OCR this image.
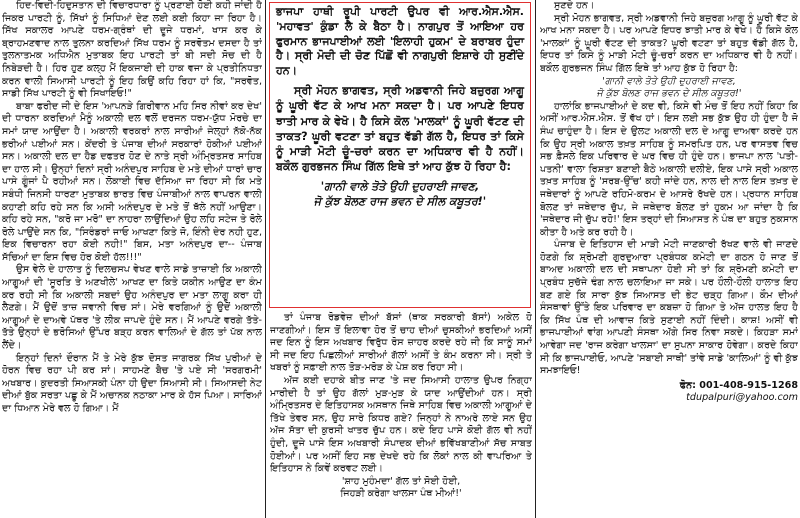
ਹਿਦ-ਵਿਦੀ-ਹਿਦੁਸਤਾਨ ਦੀ ਵਿਚਾਰਧਾਰਾ ਨੂੰ ਪ੍ਰਣਾਈ ਹੋਈ ਕਹੀ ਜਾਂਦੀ ਹੈ ਜਿਕਰ ਪਾਰਟੀ ਨੂੰ, ਸਿੱਖਾਂ ਨੂੰ ਸਿਧਿਆਂ ਦੇਣ ਲਈ ਕਈ ਕਿਹਾ ਜਾ ਰਿਹਾ ਹੈ। ਸਿੱਖ ਸਕਾਲਰ ਆਪਣੇ ਧਰਮ-ਗ੍ਰੰਥਾਂ ਦੀ ਦੂਜੇ ਧਰਮਾਂ, ਖਾਸ ਕਰ ਕੇ ਬ੍ਰਾਹਮਣਵਾਦ ਨਾਲ ਤੁਲਨਾ ਕਰਦਿਆਂ ਸਿੱਖ ਧਰਮ ਨੂੰ ਸਰਵੋਤਮ ਦਸਦਾ ਹੈ ਤਾਂ ਤੁਲਨਾਤਮਕ ਅਧਿਐਨ ਮੁਤਾਬਕ ਇਹ ਪਾਰਟੀ ਤਾਂ ਬੀ ਸਦੀ ਸੋਚ ਦੀ ਹੈ ਨਿਬੇੜਦੀ ਹੈ। ਹਿਰ ਹੁਣ ਕਲ੍ਹ ਮੈਂ ਇਕਜਾਈ ਦੀ ਹਾਕ ਵਜਾ ਕੇ ਪ੍ਰਤੀਨਿਧਤਾ ਕਰਨ ਵਾਲੀ ਸਿਆਸੀ ਪਾਰਟੀ ਨੂੰ ਇਹ ਕਿਉਂ ਕਹਿ ਰਿਹਾ ਹਾਂ ਕਿ, "ਸਰਵੋਤ, ਸਾਡੀ ਸਿੱਖ ਪਾਰਟੀ ਨੂੰ ਵੀ ਸਿਖਾਇਓ!"

ਬਾਬਾ ਫਰੀਦ ਜੀ ਦੇ ਇਸ 'ਆਪਨੜੇ ਗਿਰੀਵਾਨ ਮਹਿ ਸਿਰ ਨੀਵਾਂ ਕਰ ਦੇਖ' ਦੀ ਧਾਰਨਾ ਕਰਦਿਆਂ ਮੈਨੂੰ ਅਕਾਲੀ ਦਲ ਵਲੋਂ ਦਰਜਨ ਧਰਮ-ਯੁੱਧ ਮੋਰਚੇ ਦਾ ਸਮਾਂ ਯਾਦ ਆਉਂਦਾ ਹੈ। ਅਕਾਲੀ ਵਰਕਰਾਂ ਨਾਲ ਸਾਰੀਆਂ ਜੇਲ੍ਹਾਂ ਨੱਕੋ-ਨੱਕ ਭਰੀਆਂ ਪਈਆਂ ਸਨ। ਕੇਂਦਰੀ ਤੇ ਪੰਜਾਬ ਦੀਆਂ ਸਰਕਾਰਾਂ ਹੋਕੀਆਂ ਪਈਆਂ ਸਨ। ਅਕਾਲੀ ਦਲ ਦਾ ਹੈਡ ਦਫਤਰ ਹੋਣ ਦੇ ਨਾਤੇ ਸ੍ਰੀ ਅੰਮ੍ਰਿਤਸਰ ਸਾਹਿਬ ਦਾ ਹਾਲ ਸੀ। ਉਨ੍ਹਾਂ ਦਿਨਾਂ ਸ੍ਰੀ ਅਨੰਦਪੁਰ ਸਾਹਿਬ ਦੇ ਮਤੇ ਦੀਆਂ ਧਾਰਾਂ ਚਾਰ ਪਾਸੇ ਗੂੰਜਾਂ ਪੈ ਰਹੀਆਂ ਸਨ। ਲੋਕਾਈ ਵਿਚ ਦੱਸਿਆ ਜਾ ਰਿਹਾ ਸੀ ਕਿ ਮਤੇ ਸਬੰਧੀ ਜਿਨਸੀ ਧਾਰਣਾ ਮੁਤਾਬਕ ਭਾਰਤ ਵਿਚ ਪੰਜਾਬੀਆਂ ਨਾਲ ਵਾਪਰਨ ਵਾਲੀ ਕਹਾਣੀ ਕਹਿ ਰਹੇ ਸਨ ਕਿ ਅਸੀ ਅਨੰਦਪੁਰ ਦੇ ਮਤੇ ਤੋਂ ਥੱਲੇ ਨਹੀਂ ਆਉਣਾ। ਕਹਿ ਰਹੇ ਸਨ, "ਕਰੋ ਜਾ ਮਰੋ" ਦਾ ਨਾਹਰਾ ਲਾਉਂਦਿਆਂ ਉਹ ਲਹਿ ਸਟੇਜ ਤੇ ਰੋਲੇ ਰੋਲੇ ਪਾਉਂਦੇ ਸਨ ਕਿ, "ਸਿਰੰਡਰਾਂ ਜਾਓ ਆਖਣਾ ਕਿਤੇ ਜੋ, ਇੰਨੀ ਦੇਰ ਨਹੀ ਹੁਣ, ਇਕ ਵਿਚਾਰਨਾ ਰਹਾ ਕੋਈ ਨਹੀ!" ਬਿਸ, ਮਤਾ ਅਨੰਦਪੁਰ ਦਾ-- ਪੰਜਾਬ ਸੱਚਿਆਂ ਦਾ ਇਸ ਵਿਚ ਹੋਰ ਕੋਈ ਹੱਲ!!!"

ਉਸ ਵੇਲੇ ਦੇ ਹਾਲਾਤ ਨੂੰ ਦਿਲਚਸਪ ਵੇਖਣ ਵਾਲੇ ਸਾਡੇ ਤਾਜ਼ਾਈ ਕਿ ਅਕਾਲੀ ਆਗੂਆਂ ਦੀ 'ਸੂਰਤਿ ਤੇ ਅਣਖੀਲੇ' ਆਖਣ ਦਾ ਕਿਤੇ ਯਕੀਨ ਆਉਣ ਦਾ ਕੰਮ ਕਰ ਰਹੀ ਸੀ ਕਿ ਅਕਾਲੀ ਸਬਦਾਂ ਉਹ ਅਨੰਦਪੁਰ ਦਾ ਮਤਾ ਲਾਗੂ ਕਰਾ ਹੀ ਲੈਣਗੇ। ਮੈਂ ਉਦੋਂ ਤਾਜ਼ ਜਵਾਨੀ ਵਿਚ ਸਾਂ। ਮੇਰੇ ਵਰਗਿਆਂ ਨੂੰ ਉਦੋਂ ਅਕਾਲੀ ਆਗੂਆਂ ਦੇ ਦਾਅਵੇ ਪੱਥਰ 'ਤੇ ਲੀਕ ਜਾਪਦੇ ਹੁੰਦੇ ਸਨ। ਮੈਂ ਆਪਣੇ ਵਰਗੇ ਤੱਤੇ-ਤੱਤੇ ਉਨ੍ਹਾਂ ਦੇ ਭਰੋਸਿਆਂ ਉੱਪਰ ਬੜ੍ਹ ਕਰਨ ਵਾਲਿਆਂ ਦੇ ਗੱਲ ਤਾਂ ਪੱਕ ਨਾਲ ਲੈਂਦੇ।

ਇਨ੍ਹਾਂ ਦਿਨਾਂ ਦੌਰਾਨ ਮੈਂ ਤੇ ਮੇਰੇ ਕੁੱਝ ਦੋਸਤ ਜਾਗਰਕ ਸਿੱਖ ਪੁਰੀਆਂ ਦੇ ਹੋਰਨ ਵਿਚ ਰਹਾ ਪੀ ਕਰ ਸਾਂ। ਸਾਹਮਣੇ ਬੈਚ 'ਤੇ ਪਏ ਸੀ 'ਸਰਗਰਮੀ' ਅਖਬਾਰ। ਕੁਦਰਤੀ ਸਿਆਸਕੀ ਪੰਨਾ ਹੀ ਉਦਾ ਸਿਆਸੀ ਸੀ। ਸਿਆਸਦੀ ਨੇਟ ਦੀਆਂ ਬੁੱਕ ਸਰਤਾ ਪਛੂ ਕੇ ਮੈਂ ਅਚਾਨਕ ਨਠਾਕਾ ਮਾਰ ਕੇ ਹੱਸ ਪਿਆ। ਸਾਰਿਆਂ ਦਾ ਧਿਆਨ ਮੇਰੇ ਵਲ ਹੋ ਗਿਆ। ਮੈਂ

ਤਾਂ ਪੰਜਾਬ ਰੋਡਵੇਜ਼ ਦੀਆਂ ਬੱਸਾਂ (ਥਾਕ ਸਰਕਾਰੀ ਬੱਸਾਂ) ਅਕੇਲ ਹੋ ਜਾਣਗੀਆਂ। ਇਸ ਤੋਂ ਇਲਾਵਾ ਹੋਰ ਤੋਂ ਚਾਹ ਦੀਆਂ ਚੁਸਕੀਆਂ ਭਰਦਿਆਂ ਅਸੀਂ ਜਦ ਇਨ ਨੂੰ ਇਸ ਅਖਬਾਰ ਵਿਰੁੱਧ ਰੋਸ ਜ਼ਾਹਰ ਕਰਦੇ ਰਹੇ ਜੀ ਕਿ ਸਾਨੂੰ ਸਮਾਂ ਸੀ ਜਦ ਇਹ ਪਿਛਲੀਆਂ ਸਾਰੀਆਂ ਗੱਲਾਂ ਅਸੀਂ ਤੇ ਕੰਮ ਕਰਨਾ ਸੀ। ਸ੍ਰੀ ਤੇ ਖਬਰਾਂ ਨੂੰ ਸਫ਼ਾਈ ਨਾਲ ਤੋੜ-ਮਰੋੜ ਕੇ ਪੇਸ਼ ਕਰ ਰਿਹਾ ਸੀ।

ਅੱਜ ਕਈ ਦਹਾਕੇ ਬੀਤ ਜਾਣ 'ਤੇ ਜਦ ਸਿਆਸੀ ਹਾਲਾਤ ਉਪਰ ਨਿਗ੍ਹਾ ਮਾਰੀਦੀ ਹੈ ਤਾਂ ਉਹ ਗੱਲਾਂ ਮੁੜ-ਮੁੜ ਕੇ ਯਾਦ ਆਉਂਦੀਆਂ ਹਨ। ਸ੍ਰੀ ਅੰਮ੍ਰਿਤਸਰ ਦੇ ਇਤਿਹਾਸਕ ਅਸਥਾਨ ਜਿਥੇ ਸਾਹਿਬ ਵਿਚ ਅਕਾਲੀ ਆਗੂਆਂ ਦੇ ਤਿੱਖੇ ਤੇਵਰ ਸਨ, ਉਹ ਸਾਰੇ ਕਿਧਰ ਗਏ? ਜਿਨ੍ਹਾਂ ਨੇ ਨਾਅਰੇ ਲਾਏ ਸਨ ਉਹ ਅੱਜ ਸੱਤਾ ਦੀ ਕੁਰਸੀ ਖਾਤਰ ਚੁੱਪ ਹਨ। ਕਦੇ ਇਹ ਪਾਸੇ ਕੋਈ ਗੱਲ ਵੀ ਨਹੀਂ ਹੁੰਦੀ, ਦੂਜੇ ਪਾਸੇ ਇਸ ਅਖਬਾਰੀ ਸੰਪਾਦਕ ਦੀਆਂ ਭਵਿੱਖਬਾਣੀਆਂ ਸੱਚ ਸਾਬਤ ਹੋਈਆਂ। ਪਰ ਅਸੀਂ ਇਹ ਸਭ ਦੇਖਦੇ ਰਹੇ ਕਿ ਲੋਕਾਂ ਨਾਲ ਕੀ ਵਾਪਰਿਆ ਤੇ ਇਤਿਹਾਸ ਨੇ ਕਿਵੇਂ ਕਰਵਟ ਲਈ।

'ਸ਼ਾਹ ਮੁਹੰਮਦਾ' ਗੱਲ ਤਾਂ ਸੋਈ ਹੋਈ,

ਜਿਹੜੀ ਕਰੇਗਾ ਖਾਲਸਾ ਪੰਥ ਮੀਆਂ!'

ਭਾਜਪਾ ਹਾਥੀ ਰੂਪੀ ਪਾਰਟੀ ਉਪਰ ਵੀ ਆਰ.ਐਸ.ਐਸ. 'ਮਹਾਵਤ' ਕੁੰਡਾ ਲੈ ਕੇ ਬੈਠਾ ਹੈ। ਨਾਗਪੁਰ ਤੋਂ ਆਇਆ ਹਰ ਫੁਰਮਾਨ ਭਾਜਪਾਈਆਂ ਲਈ 'ਇਲਾਹੀ ਹੁਕਮ' ਦੇ ਬਰਾਬਰ ਹੁੰਦਾ ਹੈ। ਸ੍ਰੀ ਮੋਦੀ ਦੀ ਚੋਣ ਪਿੱਛੋਂ ਵੀ ਨਾਗਪੁਰੀ ਇਸ਼ਾਰੇ ਹੀ ਸੁਣੀਂਦੇ ਹਨ।

ਸ੍ਰੀ ਮੋਹਨ ਭਾਗਵਤ, ਸ੍ਰੀ ਅਡਵਾਨੀ ਜਿਹੇ ਬਜ਼ੁਰਗ ਆਗੂ ਨੂੰ ਘੂਰੀ ਵੱਟ ਕੇ ਆਖ ਮਨਾ ਸਕਦਾ ਹੈ। ਪਰ ਆਪਣੇ ਇਧਰ ਝਾਤੀ ਮਾਰ ਕੇ ਵੇਖੋ। ਹੈ ਕਿਸੇ ਕੋਲ 'ਮਾਲਕਾਂ' ਨੂੰ ਘੂਰੀ ਵੱਟਣ ਦੀ ਤਾਕਤ? ਘੂਰੀ ਵਟਣਾ ਤਾਂ ਬਹੁਤ ਵੱਡੀ ਗੱਲ ਹੈ, ਇਧਰ ਤਾਂ ਕਿਸੇ ਨੂੰ ਮਾੜੀ ਮੋਟੀ ਚੂੰ-ਚਰਾਂ ਕਰਨ ਦਾ ਅਧਿਕਾਰ ਵੀ ਹੈ ਨਹੀਂ। ਬਕੌਲ ਗੁਰਭਜਨ ਸਿੰਘ ਗਿੱਲ ਇਥੇ ਤਾਂ ਆਹ ਕੁੱਝ ਹੋ ਰਿਹਾ ਹੈ:

'ਗਾਨੀ ਵਾਲੇ ਤੋਤੇ ਉਹੀ ਦੁਹਰਾਈ ਜਾਵਣ,
ਜੋ ਕੁੱਝ ਬੋਲਣ ਰਾਜ ਭਵਨ ਦੇ ਸੀਲ ਕਬੂਤਰ!'

ਸੁਣਦੇ ਹਨ।

ਸ੍ਰੀ ਮੋਹਨ ਭਾਗਵਤ, ਸ੍ਰੀ ਅਡਵਾਨੀ ਜਿਹੇ ਬਜ਼ੁਰਗ ਆਗੂ ਨੂੰ ਘੂਰੀ ਵੱਟ ਕੇ ਆਖ ਮਨਾ ਸਕਦਾ ਹੈ। ਪਰ ਆਪਣੇ ਇਧਰ ਝਾਤੀ ਮਾਰ ਕੇ ਵੇਖੋ। ਹੈ ਕਿਸੇ ਕੋਲ 'ਮਾਲਕਾਂ' ਨੂੰ ਘੂਰੀ ਵੱਟਣ ਦੀ ਤਾਕਤ? ਘੂਰੀ ਵਟਣਾ ਤਾਂ ਬਹੁਤ ਵੱਡੀ ਗੱਲ ਹੈ, ਇਧਰ ਤਾਂ ਕਿਸੇ ਨੂੰ ਮਾੜੀ ਮੋਟੀ ਚੂੰ-ਚਰਾਂ ਕਰਨ ਦਾ ਅਧਿਕਾਰ ਵੀ ਹੈ ਨਹੀਂ। ਬਕੌਲ ਗੁਰਭਜਨ ਸਿੰਘ ਗਿੱਲ ਇਥੇ ਤਾਂ ਆਹ ਕੁੱਝ ਹੋ ਰਿਹਾ ਹੈ:

'ਗਾਨੀ ਵਾਲੇ ਤੋਤੇ ਉਹੀ ਦੁਹਰਾਈ ਜਾਵਣ,

ਜੋ ਕੁੱਝ ਬੋਲਣ ਰਾਜ ਭਵਨ ਦੇ ਸੀਲ ਕਬੂਤਰ!'

ਹਾਲਾਂਕਿ ਭਾਜਪਾਈਆਂ ਦੇ ਕਦ ਵੀ, ਕਿਸੇ ਵੀ ਮੰਚ ਤੋਂ ਇਹ ਨਹੀਂ ਕਿਹਾ ਕਿ ਅਸੀਂ ਆਰ.ਐਸ.ਐਸ. ਤੋਂ ਵੱਖ ਹਾਂ। ਇਸ ਲਈ ਸਭ ਕੁੱਝ ਉਹ ਹੀ ਹੁੰਦਾ ਹੈ ਜੋ ਸੰਘ ਚਾਹੁੰਦਾ ਹੈ। ਇਸ ਦੇ ਉਲਟ ਅਕਾਲੀ ਦਲ ਦੇ ਆਗੂ ਦਾਅਵਾ ਕਰਦੇ ਹਨ ਕਿ ਉਹ ਸ੍ਰੀ ਅਕਾਲ ਤਖ਼ਤ ਸਾਹਿਬ ਨੂੰ ਸਮਰਪਿਤ ਹਨ, ਪਰ ਵਾਸਤਵ ਵਿਚ ਸਭ ਫ਼ੈਸਲੇ ਇਕ ਪਰਿਵਾਰ ਦੇ ਘਰ ਵਿਚ ਹੀ ਹੁੰਦੇ ਹਨ। ਭਾਜਪਾ ਨਾਲ 'ਪਤੀ-ਪਤਨੀ' ਵਾਲਾ ਰਿਸ਼ਤਾ ਬਣਾਈ ਬੈਠੇ ਅਕਾਲੀ ਦਲੀਏ, ਇਕ ਪਾਸੇ ਸ੍ਰੀ ਅਕਾਲ ਤਖ਼ਤ ਸਾਹਿਬ ਨੂੰ 'ਸਰਬ-ਉੱਚ' ਕਹੀ ਜਾਂਦੇ ਹਨ, ਨਾਲ ਦੀ ਨਾਲ ਇਸ ਤਖ਼ਤ ਦੇ ਜਥੇਦਾਰਾਂ ਨੂੰ ਆਪਣੇ ਰਹਿਮੋ-ਕਰਮ ਦੇ ਆਸਰੇ ਰੱਖਦੇ ਹਨ। ਪ੍ਰਧਾਨ ਸਾਹਿਬ ਬੋਲਣ ਤਾਂ ਜਥੇਦਾਰ ਚੁੱਪ, ਜੇ ਜਥੇਦਾਰ ਬੋਲਣ ਤਾਂ ਹੁਕਮ ਆ ਜਾਂਦਾ ਹੈ ਕਿ 'ਜਥੇਦਾਰ ਜੀ ਚੁੱਪ ਰਹੋ!' ਇਸ ਤਰ੍ਹਾਂ ਦੀ ਸਿਆਸਤ ਨੇ ਪੰਥ ਦਾ ਬਹੁਤ ਨੁਕਸਾਨ ਕੀਤਾ ਹੈ ਅਤੇ ਕਰ ਰਹੀ ਹੈ।

ਪੰਜਾਬ ਦੇ ਇਤਿਹਾਸ ਦੀ ਮਾੜੀ ਮੋਟੀ ਜਾਣਕਾਰੀ ਰੱਖਣ ਵਾਲੇ ਵੀ ਜਾਣਦੇ ਹੋਣਗੇ ਕਿ ਸ਼੍ਰੋਮਣੀ ਗੁਰਦੁਆਰਾ ਪ੍ਰਬੰਧਕ ਕਮੇਟੀ ਦਾ ਗਠਨ ਹੋ ਜਾਣ ਤੋਂ ਬਾਅਦ ਅਕਾਲੀ ਦਲ ਦੀ ਸਥਾਪਨਾ ਹੋਈ ਸੀ ਤਾਂ ਕਿ ਸ਼੍ਰੋਮਣੀ ਕਮੇਟੀ ਦਾ ਪ੍ਰਬੰਧ ਸੁਚੱਜੇ ਢੰਗ ਨਾਲ ਚਲਾਇਆ ਜਾ ਸਕੇ। ਪਰ ਹੌਲੀ-ਹੌਲੀ ਹਾਲਾਤ ਇਹ ਬਣ ਗਏ ਕਿ ਸਾਰਾ ਕੁੱਝ ਸਿਆਸਤ ਦੀ ਭੇਟ ਚੜ੍ਹ ਗਿਆ। ਕੌਮ ਦੀਆਂ ਸੰਸਥਾਵਾਂ ਉੱਤੇ ਇਕ ਪਰਿਵਾਰ ਦਾ ਕਬਜ਼ਾ ਹੋ ਗਿਆ ਤੇ ਅੱਜ ਹਾਲਤ ਇਹ ਹੈ ਕਿ ਸਿੱਖ ਪੰਥ ਦੀ ਆਵਾਜ਼ ਕਿਤੇ ਸੁਣਾਈ ਨਹੀਂ ਦਿੰਦੀ। ਕਾਸ਼! ਅਸੀਂ ਵੀ ਭਾਜਪਾਈਆਂ ਵਾਂਗ ਆਪਣੀ ਸੰਸਥਾ ਅੱਗੇ ਸਿਰ ਨਿਵਾ ਸਕਦੇ। ਕਿਹੜਾ ਸਮਾਂ ਆਵੇਗਾ ਜਦ 'ਰਾਜ ਕਰੇਗਾ ਖਾਲਸਾ' ਦਾ ਸੁਪਨਾ ਸਾਕਾਰ ਹੋਵੇਗਾ। ਕਰਦੇ ਕਿਹਾ ਸੀ ਕਿ ਭਾਜਪਾਈਓ, ਆਪਣੇ 'ਸਬਾਈ ਸਾਥੀ' ਤਾਂਵੇ ਸਾਡੇ 'ਕਾਲਿਆਂ' ਨੂੰ ਵੀ ਕੁੱਝ ਸਮਝਾਇਓ!

ਫੋਨ: 001-408-915-1268

tdupalpuri@yahoo.com
